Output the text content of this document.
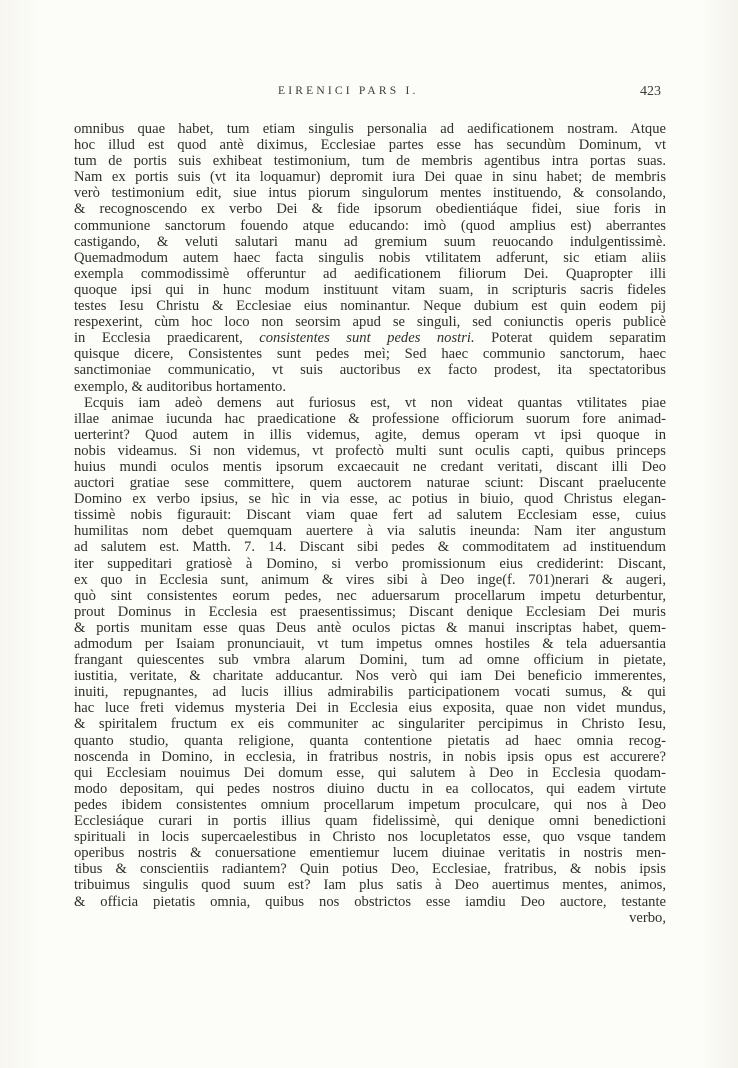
EIRENICI PARS I.	423
omnibus quae habet, tum etiam singulis personalia ad aedificationem nostram. Atque
hoc illud est quod antè diximus, Ecclesiae partes esse has secundùm Dominum, vt
tum de portis suis exhibeat testimonium, tum de membris agentibus intra portas suas.
Nam ex portis suis (vt ita loquamur) depromit iura Dei quae in sinu habet; de membris
verò testimonium edit, siue intus piorum singulorum mentes instituendo, & consolando,
& recognoscendo ex verbo Dei & fide ipsorum obedientiáque fidei, siue foris in
communione sanctorum fouendo atque educando: imò (quod amplius est) aberrantes
castigando, & veluti salutari manu ad gremium suum reuocando indulgentissimè.
Quemadmodum autem haec facta singulis nobis vtilitatem adferunt, sic etiam aliis
exempla commodissimè offeruntur ad aedificationem filiorum Dei. Quapropter illi
quoque ipsi qui in hunc modum instituunt vitam suam, in scripturis sacris fideles
testes Iesu Christu & Ecclesiae eius nominantur. Neque dubium est quin eodem pij
respexerint, cùm hoc loco non seorsim apud se singuli, sed coniunctis operis publicè
in Ecclesia praedicarent, consistentes sunt pedes nostri. Poterat quidem separatim
quisque dicere, Consistentes sunt pedes meì; Sed haec communio sanctorum, haec
sanctimoniae communicatio, vt suis auctoribus ex facto prodest, ita spectatoribus
exemplo, & auditoribus hortamento.
Ecquis iam adeò demens aut furiosus est, vt non videat quantas vtilitates piae
illae animae iucunda hac praedicatione & professione officiorum suorum fore animad-
uerterint? Quod autem in illis videmus, agite, demus operam vt ipsi quoque in
nobis videamus. Si non videmus, vt profectò multi sunt oculis capti, quibus princeps
huius mundi oculos mentis ipsorum excaecauit ne credant veritati, discant illi Deo
auctori gratiae sese committere, quem auctorem naturae sciunt: Discant praelucente
Domino ex verbo ipsius, se hìc in via esse, ac potius in biuio, quod Christus elegan-
tissimè nobis figurauit: Discant viam quae fert ad salutem Ecclesiam esse, cuius
humilitas nom debet quemquam auertere à via salutis ineunda: Nam iter angustum
ad salutem est. Matth. 7. 14. Discant sibi pedes & commoditatem ad instituendum
iter suppeditari gratiosè à Domino, si verbo promissionum eius crediderint: Discant,
ex quo in Ecclesia sunt, animum & vires sibi à Deo inge(f. 701)nerari & augeri,
quò sint consistentes eorum pedes, nec aduersarum procellarum impetu deturbentur,
prout Dominus in Ecclesia est praesentissimus; Discant denique Ecclesiam Dei muris
& portis munitam esse quas Deus antè oculos pictas & manui inscriptas habet, quem-
admodum per Isaiam pronunciauit, vt tum impetus omnes hostiles & tela aduersantia
frangant quiescentes sub vmbra alarum Domini, tum ad omne officium in pietate,
iustitia, veritate, & charitate adducantur. Nos verò qui iam Dei beneficio immerentes,
inuiti, repugnantes, ad lucis illius admirabilis participationem vocati sumus, & qui
hac luce freti videmus mysteria Dei in Ecclesia eius exposita, quae non videt mundus,
& spiritalem fructum ex eis communiter ac singulariter percipimus in Christo Iesu,
quanto studio, quanta religione, quanta contentione pietatis ad haec omnia recog-
noscenda in Domino, in ecclesia, in fratribus nostris, in nobis ipsis opus est accurere?
qui Ecclesiam nouimus Dei domum esse, qui salutem à Deo in Ecclesia quodam-
modo depositam, qui pedes nostros diuino ductu in ea collocatos, qui eadem virtute
pedes ibidem consistentes omnium procellarum impetum proculcare, qui nos à Deo
Ecclesiáque curari in portis illius quam fidelissimè, qui denique omni benedictioni
spirituali in locis supercaelestibus in Christo nos locupletatos esse, quo vsque tandem
operibus nostris & conuersatione ementiemur lucem diuinae veritatis in nostris men-
tibus & conscientiis radiantem? Quin potius Deo, Ecclesiae, fratribus, & nobis ipsis
tribuimus singulis quod suum est? Iam plus satis à Deo auertimus mentes, animos,
& officia pietatis omnia, quibus nos obstrictos esse iamdiu Deo auctore, testante
verbo,
